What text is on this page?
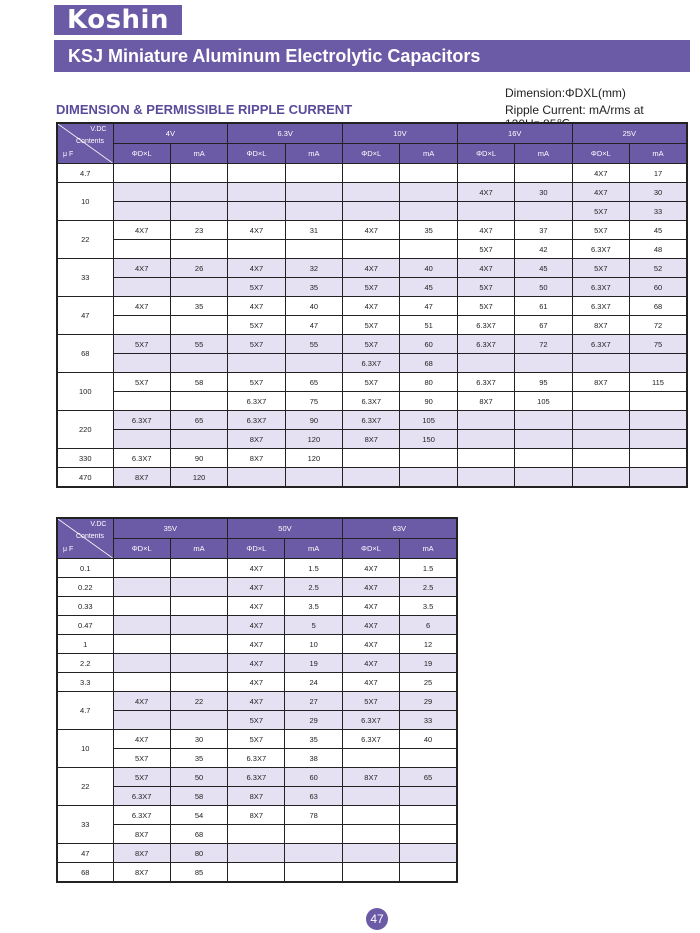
Koshin
KSJ Miniature Aluminum Electrolytic Capacitors
Dimension:ΦDXL(mm)
DIMENSION & PERMISSIBLE RIPPLE CURRENT	Ripple Current: mA/rms at
V.DC
Contents
μ F	4V		6.3V		10V		16V		25V	
	ΦD×L	mA	ΦD×L	mA	ΦD×L	mA	ΦD×L	mA	ΦD×L	mA
4.7									4X7	17
10							4X7	30	4X7	30
									5X7	33
22	4X7	23	4X7	31	4X7	35	4X7	37	5X7	45
							5X7	42	6.3X7	48
33	4X7	26	4X7	32	4X7	40	4X7	45	5X7	52
			5X7	35	5X7	45	5X7	50	6.3X7	60
47	4X7	35	4X7	40	4X7	47	5X7	61	6.3X7	68
			5X7	47	5X7	51	6.3X7	67	8X7	72
68	5X7	55	5X7	55	5X7	60	6.3X7	72	6.3X7	75
					6.3X7	68				
100	5X7	58	5X7	65	5X7	80	6.3X7	95	8X7	115
			6.3X7	75	6.3X7	90	8X7	105		
220	6.3X7	65	6.3X7	90	6.3X7	105				
			8X7	120	8X7	150				
330	6.3X7	90	8X7	120						
470	8X7	120								
V.DC
Contents
μ F	35V		50V		63V	
	ΦD×L	mA	ΦD×L	mA	ΦD×L	mA
0.1			4X7	1.5	4X7	1.5
0.22			4X7	2.5	4X7	2.5
0.33			4X7	3.5	4X7	3.5
0.47			4X7	5	4X7	6
1			4X7	10	4X7	12
2.2			4X7	19	4X7	19
3.3			4X7	24	4X7	25
4.7	4X7	22	4X7	27	5X7	29
			5X7	29	6.3X7	33
10	4X7	30	5X7	35	6.3X7	40
	5X7	35	6.3X7	38		
22	5X7	50	6.3X7	60	8X7	65
	6.3X7	58	8X7	63		
33	6.3X7	54	8X7	78		
	8X7	68				
47	8X7	80				
68	8X7	85				
47
